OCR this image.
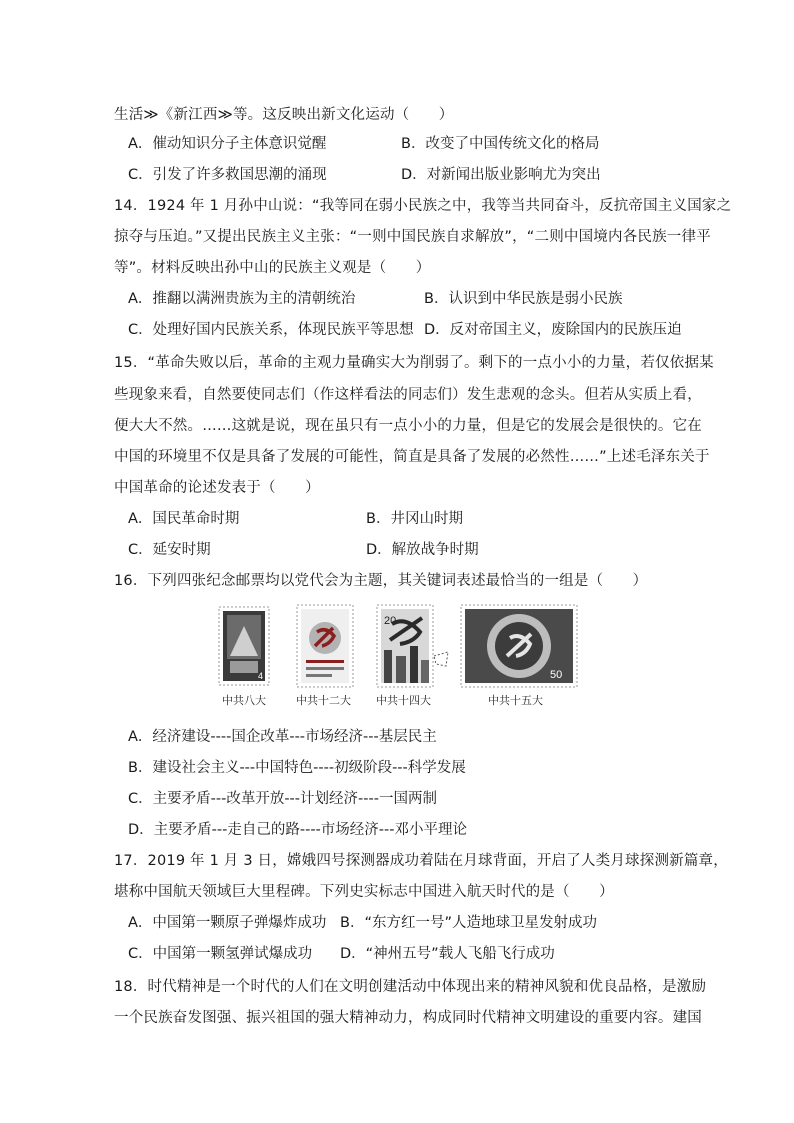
生活≫《新江西≫等。这反映出新文化运动（　　）
A．催动知识分子主体意识觉醒	B．改变了中国传统文化的格局
C．引发了许多救国思潮的涌现	D．对新闻出版业影响尤为突出
14．1924 年 1 月孙中山说：“我等同在弱小民族之中，我等当共同奋斗，反抗帝国主义国家之
掠夺与压迫。”又提出民族主义主张：“一则中国民族自求解放”，“二则中国境内各民族一律平
等”。材料反映出孙中山的民族主义观是（　　）
A．推翻以满洲贵族为主的清朝统治	B．认识到中华民族是弱小民族
C．处理好国内民族关系，体现民族平等思想 D．反对帝国主义，废除国内的民族压迫
15．“革命失败以后，革命的主观力量确实大为削弱了。剩下的一点小小的力量，若仅依据某
些现象来看，自然要使同志们（作这样看法的同志们）发生悲观的念头。但若从实质上看，
便大大不然。……这就是说，现在虽只有一点小小的力量，但是它的发展会是很快的。它在
中国的环境里不仅是具备了发展的可能性，简直是具备了发展的必然性……”上述毛泽东关于
中国革命的论述发表于（　　）
A．国民革命时期	B．井冈山时期
C．延安时期	D．解放战争时期
16．下列四张纪念邮票均以党代会为主题，其关键词表述最恰当的一组是（　　）
4
中共八大	中共十二大
20
中共十四大
50
中共十五大
A．经济建设----国企改革---市场经济---基层民主
B．建设社会主义---中国特色----初级阶段---科学发展
C．主要矛盾---改革开放---计划经济----一国两制
D．主要矛盾---走自己的路----市场经济---邓小平理论
17．2019 年 1 月 3 日，嫦娥四号探测器成功着陆在月球背面，开启了人类月球探测新篇章，
堪称中国航天领域巨大里程碑。下列史实标志中国进入航天时代的是（　　）
A．中国第一颗原子弹爆炸成功 B．“东方红一号”人造地球卫星发射成功
C．中国第一颗氢弹试爆成功 D．“神州五号”载人飞船飞行成功
18．时代精神是一个时代的人们在文明创建活动中体现出来的精神风貌和优良品格，是激励
一个民族奋发图强、振兴祖国的强大精神动力，构成同时代精神文明建设的重要内容。建国
